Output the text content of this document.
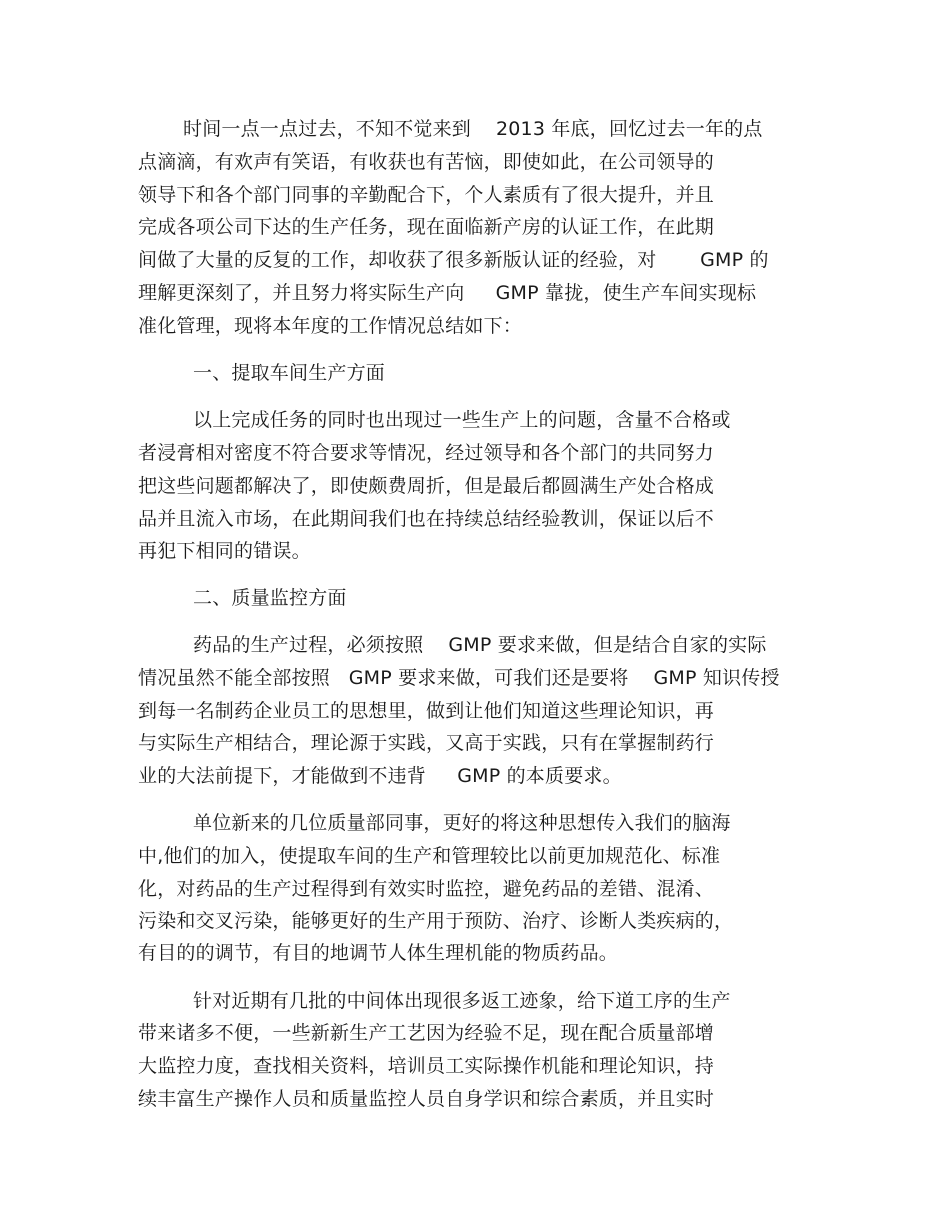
时间一点一点过去，不知不觉来到    2013 年底，回忆过去一年的点
点滴滴，有欢声有笑语，有收获也有苦恼，即使如此，在公司领导的
领导下和各个部门同事的辛勤配合下，个人素质有了很大提升，并且
完成各项公司下达的生产任务，现在面临新产房的认证工作，在此期
间做了大量的反复的工作，却收获了很多新版认证的经验，对       GMP 的
理解更深刻了，并且努力将实际生产向     GMP 靠拢，使生产车间实现标
准化管理，现将本年度的工作情况总结如下：
一、提取车间生产方面
以上完成任务的同时也出现过一些生产上的问题，含量不合格或
者浸膏相对密度不符合要求等情况，经过领导和各个部门的共同努力
把这些问题都解决了，即使颇费周折，但是最后都圆满生产处合格成
品并且流入市场，在此期间我们也在持续总结经验教训，保证以后不
再犯下相同的错误。
二、质量监控方面
药品的生产过程，必须按照    GMP 要求来做，但是结合自家的实际
情况虽然不能全部按照   GMP 要求来做，可我们还是要将    GMP 知识传授
到每一名制药企业员工的思想里，做到让他们知道这些理论知识，再
与实际生产相结合，理论源于实践，又高于实践，只有在掌握制药行
业的大法前提下，才能做到不违背     GMP 的本质要求。
单位新来的几位质量部同事，更好的将这种思想传入我们的脑海
中,他们的加入，使提取车间的生产和管理较比以前更加规范化、标准
化，对药品的生产过程得到有效实时监控，避免药品的差错、混淆、
污染和交叉污染，能够更好的生产用于预防、治疗、诊断人类疾病的，
有目的的调节，有目的地调节人体生理机能的物质药品。
针对近期有几批的中间体出现很多返工迹象，给下道工序的生产
带来诸多不便，一些新新生产工艺因为经验不足，现在配合质量部增
大监控力度，查找相关资料，培训员工实际操作机能和理论知识，持
续丰富生产操作人员和质量监控人员自身学识和综合素质，并且实时
